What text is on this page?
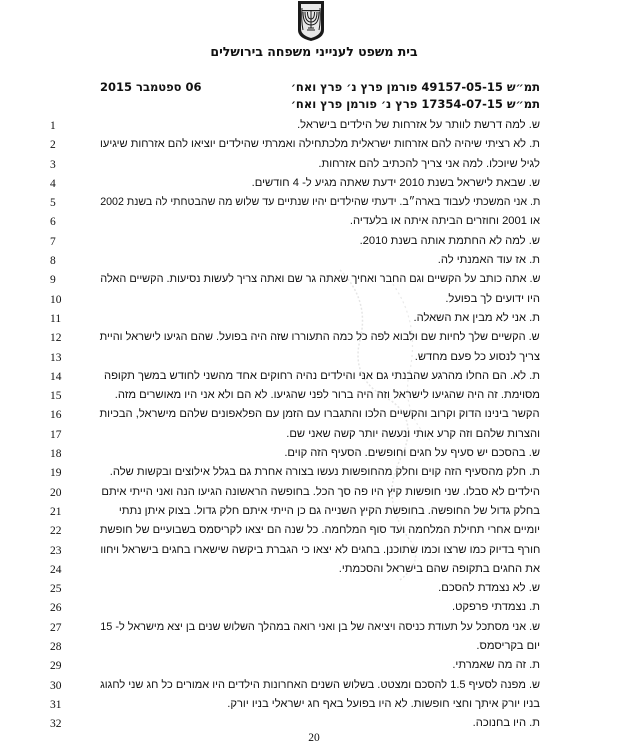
בית משפט לענייני משפחה בירושלים
תמ״ש 49157-05-15 פורמן פרץ נ׳ פרץ ואח׳
תמ״ש 17354-07-15 פרץ נ׳ פורמן פרץ ואח׳
06 ספטמבר 2015
1	ש. למה דרשת לוותר על אזרחות של הילדים בישראל.
2	ת. לא רציתי שיהיה להם אזרחות ישראלית מלכתחילה ואמרתי שהילדים יוציאו להם אזרחות שיגיעו
3	לגיל שיוכלו. למה אני צריך להכתיב להם אזרחות.
4	ש. שבאת לישראל בשנת 2010 ידעת שאתה מגיע ל- 4 חודשים.
5	ת. אני המשכתי לעבוד בארה״ב. ידעתי שהילדים יהיו שנתיים עד שלוש מה שהבטחתי לה בשנת 2002
6	או 2001 וחוזרים הביתה איתה או בלעדיה.
7	ש. למה לא החתמת אותה בשנת 2010.
8	ת. אז עוד האמנתי לה.
9	ש. אתה כותב על הקשיים וגם החבר ואחיך שאתה גר שם ואתה צריך לעשות נסיעות. הקשיים האלה
10	היו ידועים לך בפועל.
11	ת. אני לא מבין את השאלה.
12	ש. הקשיים שלך לחיות שם ולבוא לפה כל כמה התעוררו שזה היה בפועל. שהם הגיעו לישראל והיית
13	צריך לנסוע כל פעם מחדש.
14	ת. לא. הם החלו מהרגע שהבנתי גם אני והילדים נהיה רחוקים אחד מהשני לחודש במשך תקופה
15	מסוימת. זה היה שהגיעו לישראל וזה היה ברור לפני שהגיעו. לא הם ולא אני היו מאושרים מזה.
16	הקשר בינינו הדוק וקרוב והקשיים הלכו והתגברו עם הזמן עם הפלאפונים שלהם מישראל, הבכיות
17	והצרות שלהם וזה קרע אותי ונעשה יותר קשה שאני שם.
18	ש. בהסכם יש סעיף על חגים וחופשים. הסעיף הזה קוים.
19	ת. חלק מהסעיף הזה קוים וחלק מהחופשות נעשו בצורה אחרת גם בגלל אילוצים ובקשות שלה.
20	הילדים לא סבלו. שני חופשות קיץ היו פה סך הכל. בחופשה הראשונה הגיעו הנה ואני הייתי איתם
21	בחלק גדול של החופשה. בחופשת הקיץ השנייה גם כן הייתי איתם חלק גדול. בצוק איתן נתתי
22	יומיים אחרי תחילת המלחמה ועד סוף המלחמה. כל שנה הם יצאו לקריסמס בשבועיים של חופשת
23	חורף בדיוק כמו שרצו וכמו שתוכנן. בחגים לא יצאו כי הגברת ביקשה שישארו בחגים בישראל ויחוו
24	את החגים בתקופה שהם בישראל והסכמתי.
25	ש. לא נצמדת להסכם.
26	ת. נצמדתי פרפקט.
27	ש. אני מסתכל על תעודת כניסה ויציאה של בן ואני רואה במהלך השלוש שנים בן יצא מישראל ל- 15
28	יום בקריסמס.
29	ת. זה מה שאמרתי.
30	ש. מפנה לסעיף 1.5 להסכם ומצטט. בשלוש השנים האחרונות הילדים היו אמורים כל חג שני לחגוג
31	בניו יורק איתך וחצי חופשות. לא היו בפועל באף חג ישראלי בניו יורק.
32	ת. היו בחנוכה.
20
